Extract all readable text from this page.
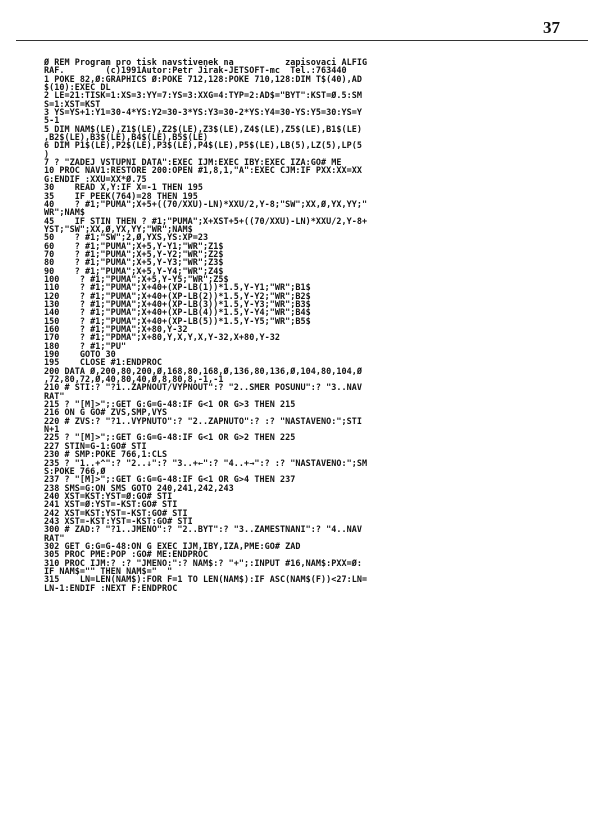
37
Ø REM Program pro tisk navstivenek na          zapisovaci ALFIG
RAF.        (c)1991Autor:Petr Jirak-JETSOFT-mc  Tel.:763440
1 POKE 82,Ø:GRAPHICS Ø:POKE 712,128:POKE 710,128:DIM T$(40),AD
$(10):EXEC DL
2 LE=21:TISK=1:XS=3:YY=7:YS=3:XXG=4:TYP=2:AD$="BYT":KST=Ø.5:SM
S=1:XST=KST
3 YS=YS+1:Y1=30-4*YS:Y2=30-3*YS:Y3=30-2*YS:Y4=30-YS:Y5=30:YS=Y
5-1
5 DIM NAM$(LE),Z1$(LE),Z2$(LE),Z3$(LE),Z4$(LE),Z5$(LE),B1$(LE)
,B2$(LE),B3$(LE),B4$(LE),B5$(LE)
6 DIM P1$(LE),P2$(LE),P3$(LE),P4$(LE),P5$(LE),LB(5),LZ(5),LP(5
)
7 ? "ZADEJ VSTUPNI DATA":EXEC IJM:EXEC IBY:EXEC IZA:GO# ME
10 PROC NAV1:RESTORE 200:OPEN #1,8,1,"A":EXEC CJM:IF PXX:XX=XX
G:ENDIF :XXU=XX*Ø.75
30    READ X,Y:IF X=-1 THEN 195
35    IF PEEK(764)=28 THEN 195
40    ? #1;"PUMA";X+5+((70/XXU)-LN)*XXU/2,Y-8;"SW";XX,Ø,YX,YY;"
WR";NAM$
45    IF STIN THEN ? #1;"PUMA";X+XST+5+((70/XXU)-LN)*XXU/2,Y-8+
YST;"SW";XX,Ø,YX,YY;"WR";NAM$
50    ? #1;"SW";2,Ø,YXS,YS:XP=23
60    ? #1;"PUMA";X+5,Y-Y1;"WR";Z1$
70    ? #1;"PUMA";X+5,Y-Y2;"WR";Z2$
80    ? #1;"PUMA";X+5,Y-Y3;"WR";Z3$
90    ? #1;"PUMA";X+5,Y-Y4;"WR";Z4$
100    ? #1;"PUMA";X+5,Y-Y5;"WR";Z5$
110    ? #1;"PUMA";X+40+(XP-LB(1))*1.5,Y-Y1;"WR";B1$
120    ? #1;"PUMA";X+40+(XP-LB(2))*1.5,Y-Y2;"WR";B2$
130    ? #1;"PUMA";X+40+(XP-LB(3))*1.5,Y-Y3;"WR";B3$
140    ? #1;"PUMA";X+40+(XP-LB(4))*1.5,Y-Y4;"WR";B4$
150    ? #1;"PUMA";X+40+(XP-LB(5))*1.5,Y-Y5;"WR";B5$
160    ? #1;"PUMA";X+80,Y-32
170    ? #1;"PDMA";X+80,Y,X,Y,X,Y-32,X+80,Y-32
180    ? #1;"PU"
190    GOTO 30
195    CLOSE #1:ENDPROC
200 DATA Ø,200,80,200,Ø,168,80,168,Ø,136,80,136,Ø,104,80,104,Ø
,72,80,72,Ø,40,80,40,Ø,8,80,8,-1,-1
210 # STI:? "?1..ZAPNOUT/VYPNOUT":? "2..SMER POSUNU":? "3..NAV
RAT"
215 ? "[M]>";:GET G:G=G-48:IF G<1 OR G>3 THEN 215
216 ON G GO# ZVS,SMP,VYS
220 # ZVS:? "?1..VYPNUTO":? "2..ZAPNUTO":? :? "NASTAVENO:";STI
N+1
225 ? "[M]>";:GET G:G=G-48:IF G<1 OR G>2 THEN 225
227 STIN=G-1:GO# STI
230 # SMP:POKE 766,1:CLS
235 ? "1..+^":? "2..↓":? "3..+←":? "4..+→":? :? "NASTAVENO:";SM
S:POKE 766,Ø
237 ? "[M]>";:GET G:G=G-48:IF G<1 OR G>4 THEN 237
238 SMS=G:ON SMS GOTO 240,241,242,243
240 XST=KST:YST=Ø:GO# STI
241 XST=Ø:YST=-KST:GO# STI
242 XST=KST:YST=-KST:GO# STI
243 XST=-KST:YST=-KST:GO# STI
300 # ZAD:? "?1..JMENO":? "2..BYT":? "3..ZAMESTNANI":? "4..NAV
RAT"
302 GET G:G=G-48:ON G EXEC IJM,IBY,IZA,PME:GO# ZAD
305 PROC PME:POP :GO# ME:ENDPROC
310 PROC IJM:? :? "JMENO:":? NAM$:? "+";:INPUT #16,NAM$:PXX=Ø:
IF NAM$="" THEN NAM$="  "
315    LN=LEN(NAM$):FOR F=1 TO LEN(NAM$):IF ASC(NAM$(F))<27:LN=
LN-1:ENDIF :NEXT F:ENDPROC
